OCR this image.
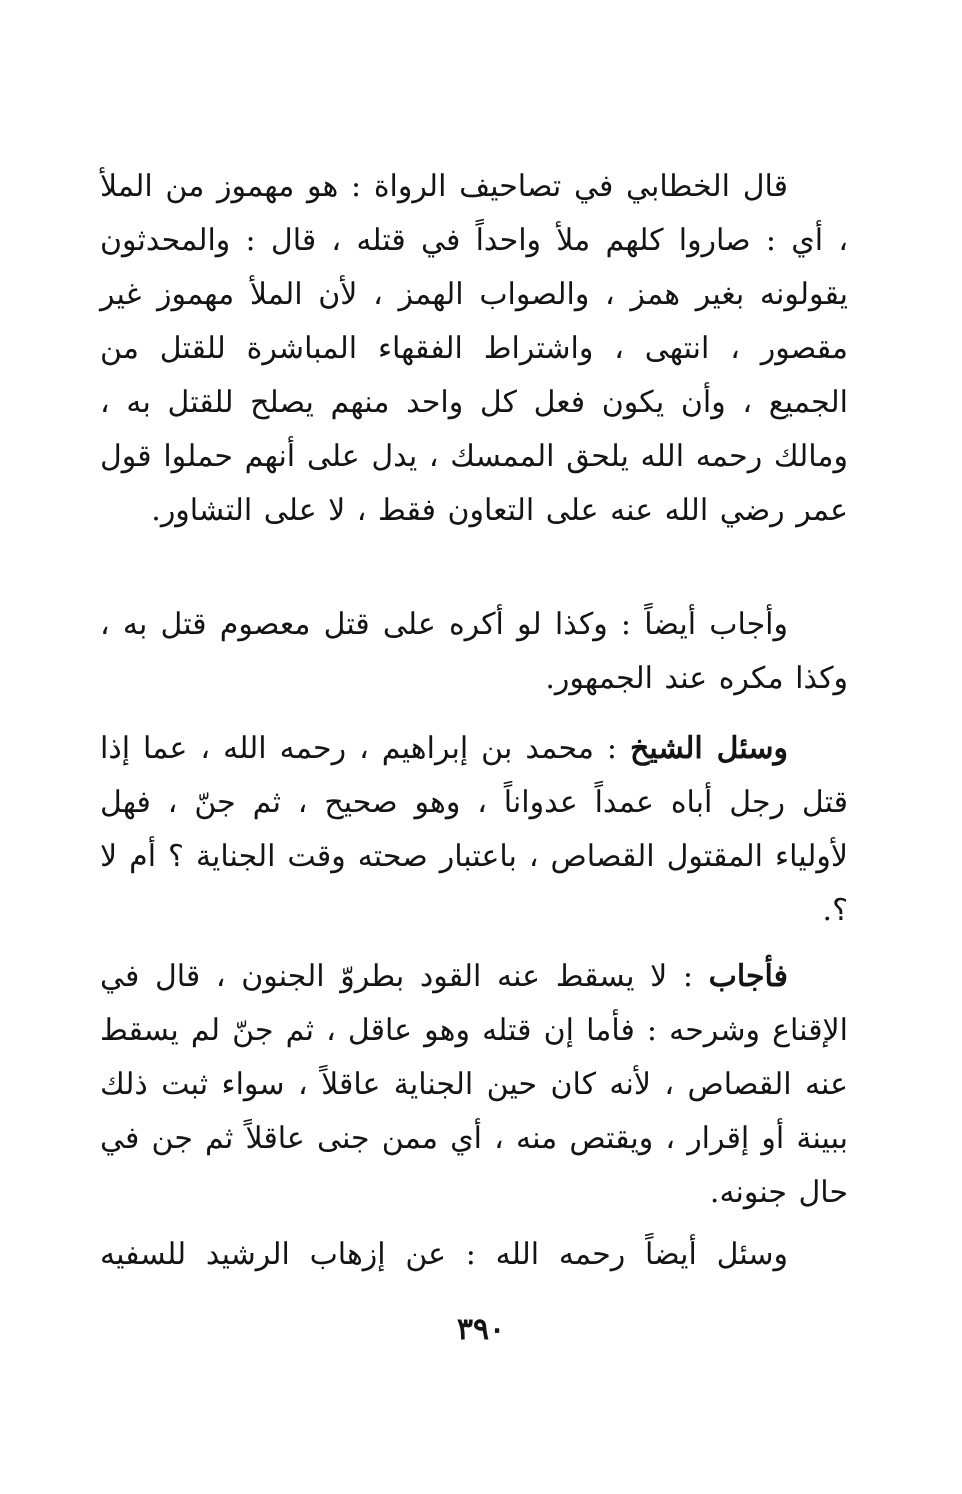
قال الخطابي في تصاحيف الرواة : هو مهموز من الملأ ، أي : صاروا كلهم ملأ واحداً في قتله ، قال : والمحدثون يقولونه بغير همز ، والصواب الهمز ، لأن الملأ مهموز غير مقصور ، انتهى ، واشتراط الفقهاء المباشرة للقتل من الجميع ، وأن يكون فعل كل واحد منهم يصلح للقتل به ، ومالك رحمه الله يلحق الممسك ، يدل على أنهم حملوا قول عمر رضي الله عنه على التعاون فقط ، لا على التشاور.

وأجاب أيضاً : وكذا لو أكره على قتل معصوم قتل به ، وكذا مكره عند الجمهور.

وسئل الشيخ : محمد بن إبراهيم ، رحمه الله ، عما إذا قتل رجل أباه عمداً عدواناً ، وهو صحيح ، ثم جنّ ، فهل لأولياء المقتول القصاص ، باعتبار صحته وقت الجناية ؟ أم لا ؟.

فأجاب : لا يسقط عنه القود بطروّ الجنون ، قال في الإقناع وشرحه : فأما إن قتله وهو عاقل ، ثم جنّ لم يسقط عنه القصاص ، لأنه كان حين الجناية عاقلاً ، سواء ثبت ذلك ببينة أو إقرار ، ويقتص منه ، أي ممن جنى عاقلاً ثم جن في حال جنونه.

وسئل أيضاً رحمه الله : عن إزهاب الرشيد للسفيه

٣٩٠
